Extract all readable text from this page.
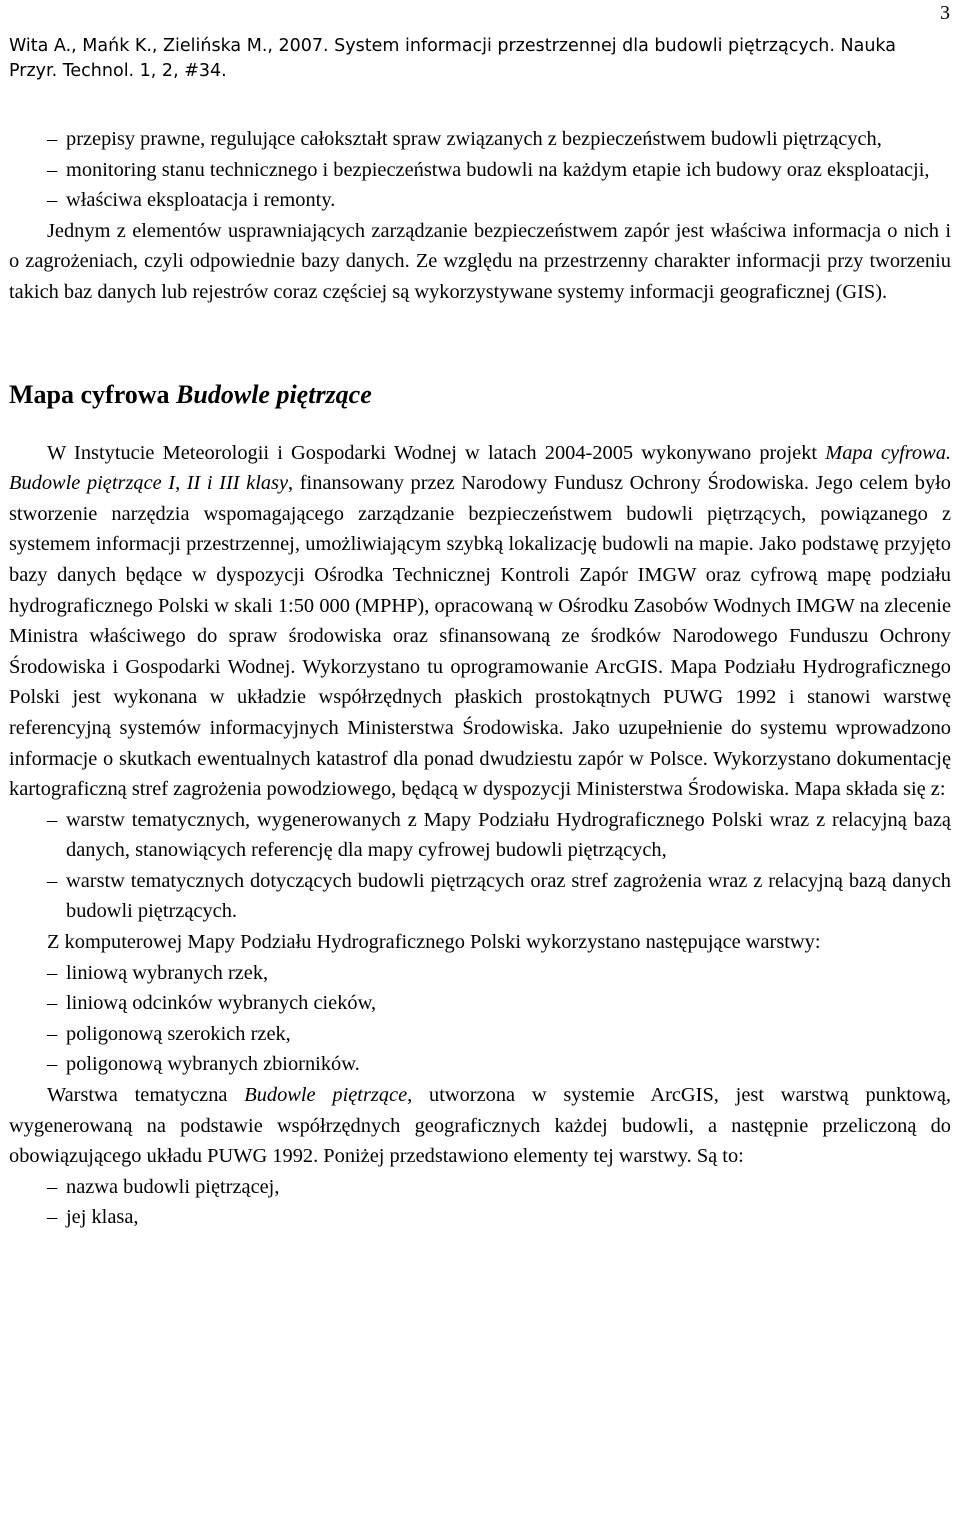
Wita A., Mańk K., Zielińska M., 2007. System informacji przestrzennej dla budowli piętrzących. Nauka Przyr. Technol. 1, 2, #34.
3
– przepisy prawne, regulujące całokształt spraw związanych z bezpieczeństwem budowli piętrzących,
– monitoring stanu technicznego i bezpieczeństwa budowli na każdym etapie ich budowy oraz eksploatacji,
– właściwa eksploatacja i remonty.

Jednym z elementów usprawniających zarządzanie bezpieczeństwem zapór jest właściwa informacja o nich i o zagrożeniach, czyli odpowiednie bazy danych. Ze względu na przestrzenny charakter informacji przy tworzeniu takich baz danych lub rejestrów coraz częściej są wykorzystywane systemy informacji geograficznej (GIS).

Mapa cyfrowa Budowle piętrzące

W Instytucie Meteorologii i Gospodarki Wodnej w latach 2004-2005 wykonywano projekt Mapa cyfrowa. Budowle piętrzące I, II i III klasy, finansowany przez Narodowy Fundusz Ochrony Środowiska. Jego celem było stworzenie narzędzia wspomagającego zarządzanie bezpieczeństwem budowli piętrzących, powiązanego z systemem informacji przestrzennej, umożliwiającym szybką lokalizację budowli na mapie. Jako podstawę przyjęto bazy danych będące w dyspozycji Ośrodka Technicznej Kontroli Zapór IMGW oraz cyfrową mapę podziału hydrograficznego Polski w skali 1:50 000 (MPHP), opracowaną w Ośrodku Zasobów Wodnych IMGW na zlecenie Ministra właściwego do spraw środowiska oraz sfinansowaną ze środków Narodowego Funduszu Ochrony Środowiska i Gospodarki Wodnej. Wykorzystano tu oprogramowanie ArcGIS. Mapa Podziału Hydrograficznego Polski jest wykonana w układzie współrzędnych płaskich prostokątnych PUWG 1992 i stanowi warstwę referencyjną systemów informacyjnych Ministerstwa Środowiska. Jako uzupełnienie do systemu wprowadzono informacje o skutkach ewentualnych katastrof dla ponad dwudziestu zapór w Polsce. Wykorzystano dokumentację kartograficzną stref zagrożenia powodziowego, będącą w dyspozycji Ministerstwa Środowiska. Mapa składa się z:

– warstw tematycznych, wygenerowanych z Mapy Podziału Hydrograficznego Polski wraz z relacyjną bazą danych, stanowiących referencję dla mapy cyfrowej budowli piętrzących,
– warstw tematycznych dotyczących budowli piętrzących oraz stref zagrożenia wraz z relacyjną bazą danych budowli piętrzących.

Z komputerowej Mapy Podziału Hydrograficznego Polski wykorzystano następujące warstwy:

– liniową wybranych rzek,
– liniową odcinków wybranych cieków,
– poligonową szerokich rzek,
– poligonową wybranych zbiorników.

Warstwa tematyczna Budowle piętrzące, utworzona w systemie ArcGIS, jest warstwą punktową, wygenerowaną na podstawie współrzędnych geograficznych każdej budowli, a następnie przeliczoną do obowiązującego układu PUWG 1992. Poniżej przedstawiono elementy tej warstwy. Są to:

– nazwa budowli piętrzącej,
– jej klasa,
